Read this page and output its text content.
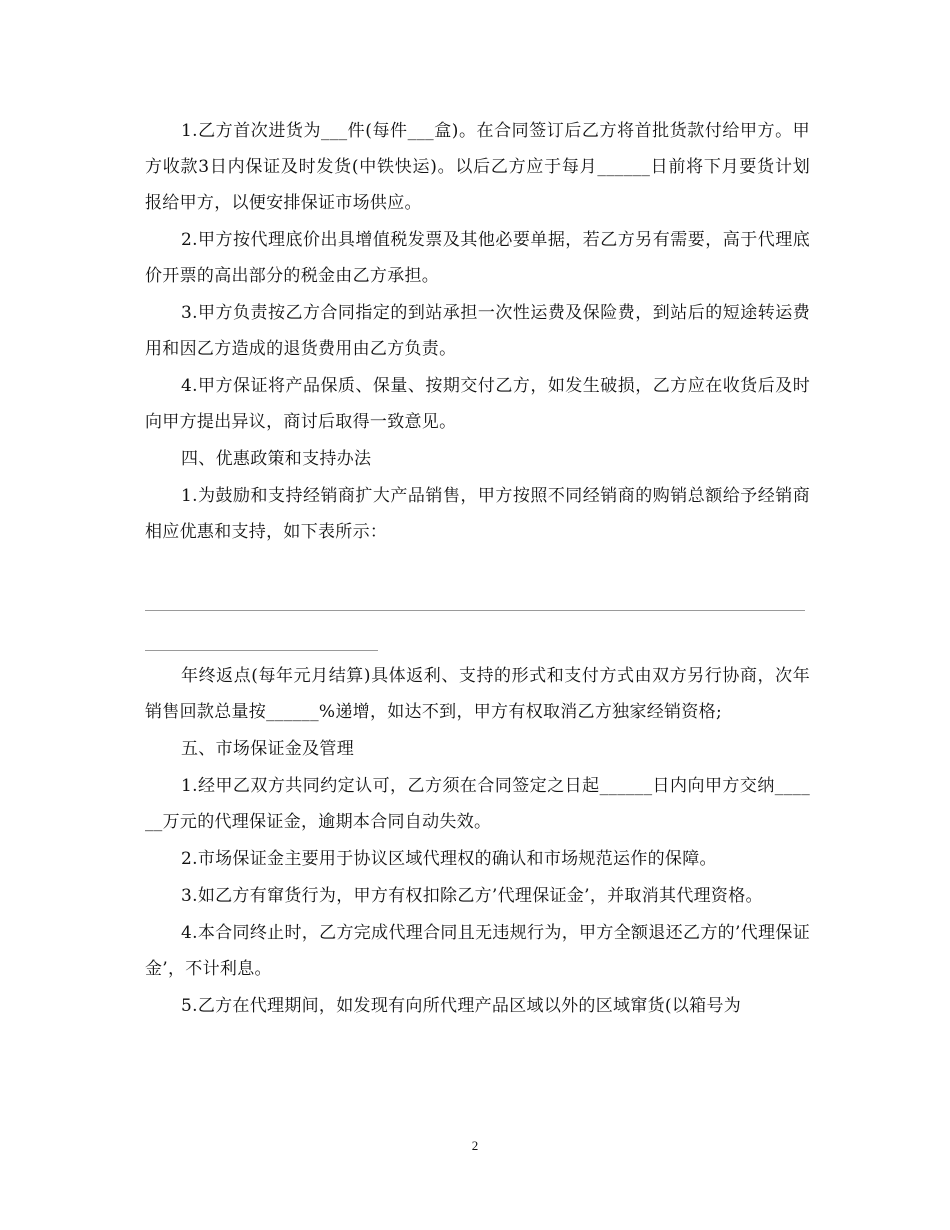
1.乙方首次进货为___件(每件___盒)。在合同签订后乙方将首批货款付给甲方。甲方收款3日内保证及时发货(中铁快运)。以后乙方应于每月______日前将下月要货计划报给甲方，以便安排保证市场供应。

2.甲方按代理底价出具增值税发票及其他必要单据，若乙方另有需要，高于代理底价开票的高出部分的税金由乙方承担。

3.甲方负责按乙方合同指定的到站承担一次性运费及保险费，到站后的短途转运费用和因乙方造成的退货费用由乙方负责。

4.甲方保证将产品保质、保量、按期交付乙方，如发生破损，乙方应在收货后及时向甲方提出异议，商讨后取得一致意见。

四、优惠政策和支持办法

1.为鼓励和支持经销商扩大产品销售，甲方按照不同经销商的购销总额给予经销商相应优惠和支持，如下表所示：

年终返点(每年元月结算)具体返利、支持的形式和支付方式由双方另行协商，次年销售回款总量按______%递增，如达不到，甲方有权取消乙方独家经销资格;

五、市场保证金及管理

1.经甲乙双方共同约定认可，乙方须在合同签定之日起______日内向甲方交纳______万元的代理保证金，逾期本合同自动失效。

2.市场保证金主要用于协议区域代理权的确认和市场规范运作的保障。

3.如乙方有窜货行为，甲方有权扣除乙方’代理保证金’，并取消其代理资格。

4.本合同终止时，乙方完成代理合同且无违规行为，甲方全额退还乙方的’代理保证金’，不计利息。

5.乙方在代理期间，如发现有向所代理产品区域以外的区域窜货(以箱号为

2
